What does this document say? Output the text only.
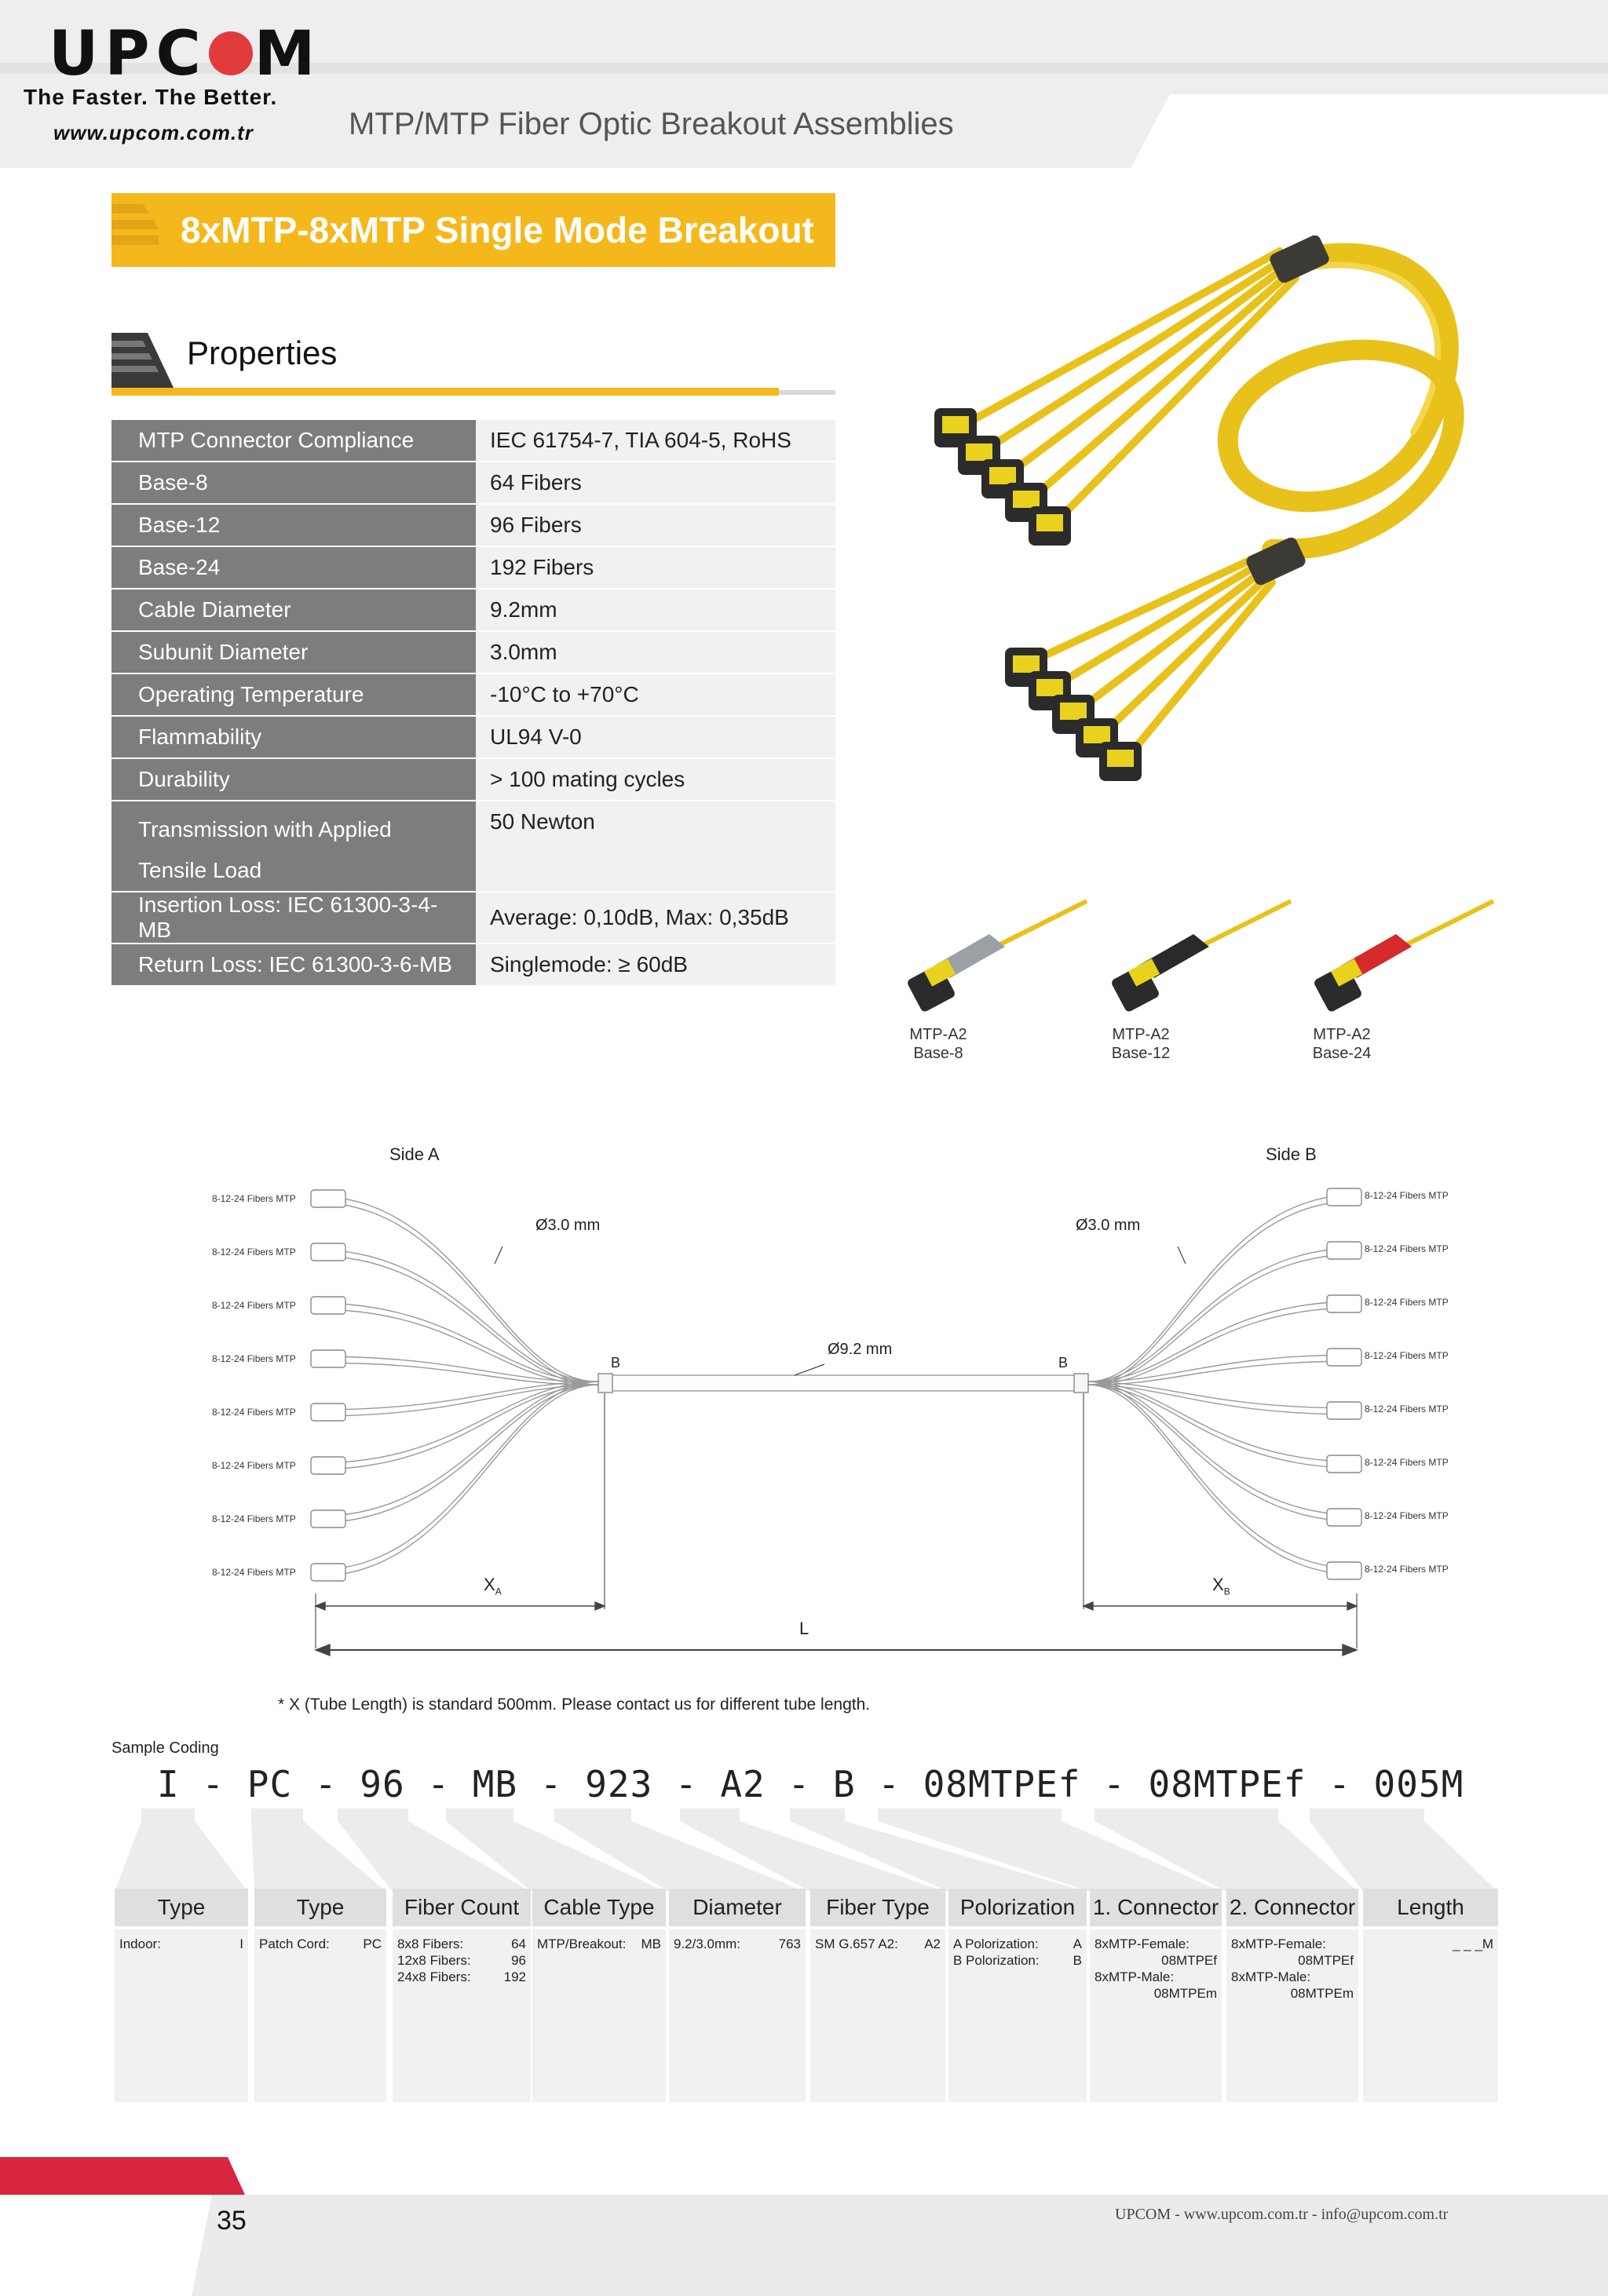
UPC M
The Faster. The Better.
www.upcom.com.tr	MTP/MTP Fiber Optic Breakout Assemblies
8xMTP-8xMTP Single Mode Breakout
Properties
MTP Connector Compliance	IEC 61754-7, TIA 604-5, RoHS
Base-8	64 Fibers
Base-12	96 Fibers
Base-24	192 Fibers
Cable Diameter	9.2mm
Subunit Diameter	3.0mm
Operating Temperature	-10°C to +70°C
Flammability	UL94 V-0
Durability	> 100 mating cycles
Transmission with Applied Tensile Load	50 Newton
Insertion Loss: IEC 61300-3-4-MB	Average: 0,10dB, Max: 0,35dB
Return Loss: IEC 61300-3-6-MB	Singlemode: ≥ 60dB
MTP-A2
Base-8
MTP-A2
Base-12
MTP-A2
Base-24
Side A	Side B
Ø3.0 mm	Ø3.0 mm
Ø9.2 mm
B	B
$X_A$	$X_B$
L
8-12-24 Fibers MTP
8-12-24 Fibers MTP
8-12-24 Fibers MTP
8-12-24 Fibers MTP
8-12-24 Fibers MTP
8-12-24 Fibers MTP
8-12-24 Fibers MTP
8-12-24 Fibers MTP
8-12-24 Fibers MTP
8-12-24 Fibers MTP
8-12-24 Fibers MTP
8-12-24 Fibers MTP
8-12-24 Fibers MTP
8-12-24 Fibers MTP
8-12-24 Fibers MTP
8-12-24 Fibers MTP
* X (Tube Length) is standard 500mm. Please contact us for different tube length.
Sample Coding
I - PC - 96 - MB - 923 - A2 - B - 08MTPEf - 08MTPEf - 005M
Type
Indoor:	I
Type
Patch Cord:	PC
Fiber Count
8x8 Fibers:	64
12x8 Fibers:	96
24x8 Fibers: 192
Cable Type
MTP/Breakout: MB
Diameter
9.2/3.0mm:	763
Fiber Type
SM G.657 A2: A2
Polorization
A Polorization:	A
B Polorization:	B
1. Connector
8xMTP-Female:
08MTPEf
8xMTP-Male:
08MTPEm
2. Connector
8xMTP-Female:
08MTPEf
8xMTP-Male:
08MTPEm
Length
_ _ _M
35	UPCOM - www.upcom.com.tr - info@upcom.com.tr
